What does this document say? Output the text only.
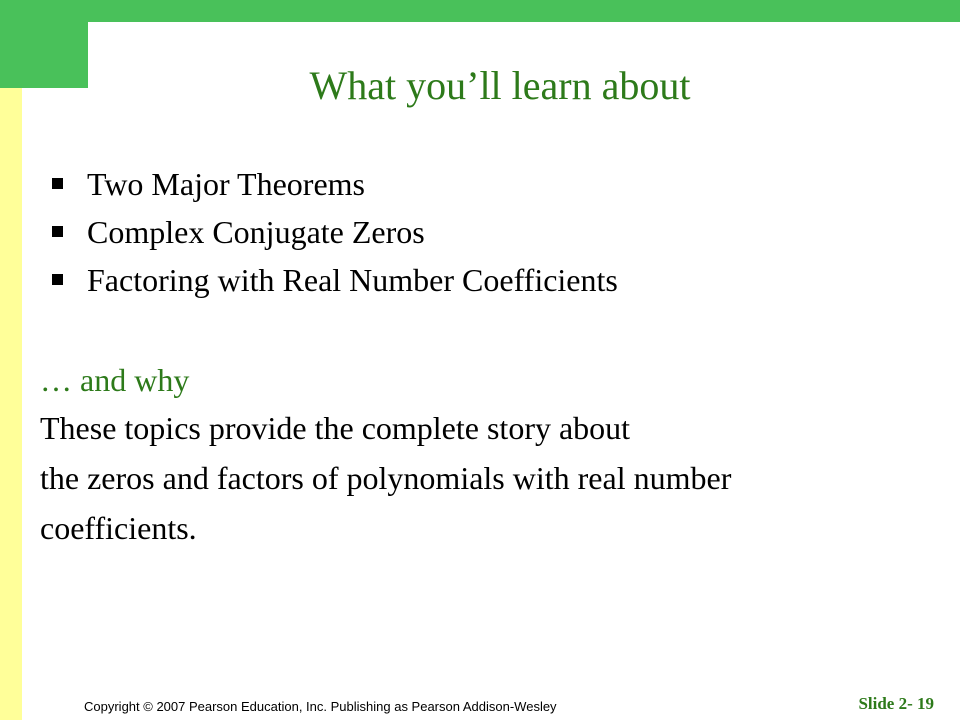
What you’ll learn about
Two Major Theorems
Complex Conjugate Zeros
Factoring with Real Number Coefficients
… and why
These topics provide the complete story about
the zeros and factors of polynomials with real number
coefficients.
Copyright © 2007 Pearson Education, Inc. Publishing as Pearson Addison-Wesley	Slide 2- 19
